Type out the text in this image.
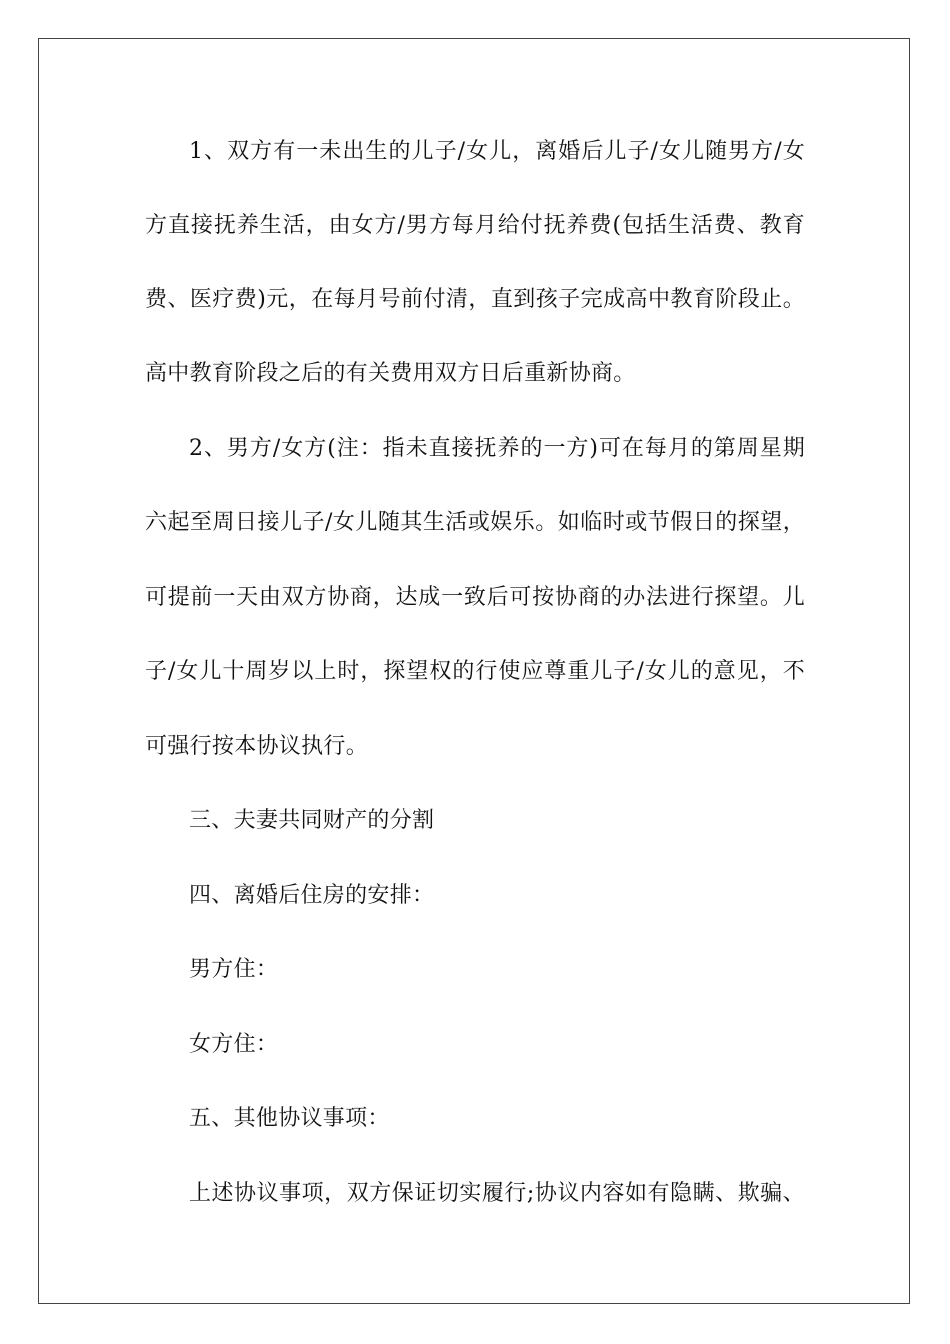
1、双方有一未出生的儿子/女儿，离婚后儿子/女儿随男方/女
方直接抚养生活，由女方/男方每月给付抚养费(包括生活费、教育
费、医疗费)元，在每月号前付清，直到孩子完成高中教育阶段止。
高中教育阶段之后的有关费用双方日后重新协商。
2、男方/女方(注：指未直接抚养的一方)可在每月的第周星期
六起至周日接儿子/女儿随其生活或娱乐。如临时或节假日的探望，
可提前一天由双方协商，达成一致后可按协商的办法进行探望。儿
子/女儿十周岁以上时，探望权的行使应尊重儿子/女儿的意见，不
可强行按本协议执行。
三、夫妻共同财产的分割
四、离婚后住房的安排：
男方住：
女方住：
五、其他协议事项：
上述协议事项，双方保证切实履行;协议内容如有隐瞒、欺骗、
